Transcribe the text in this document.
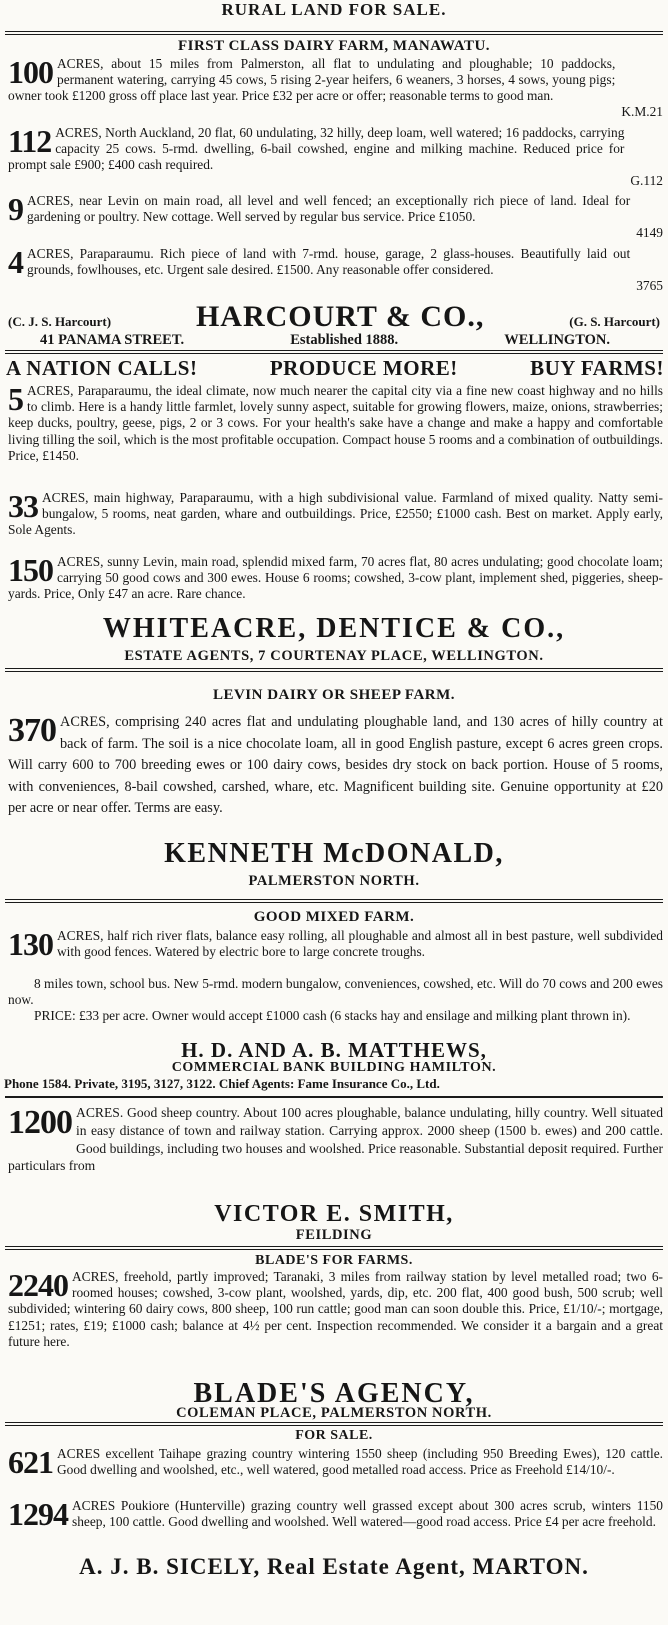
RURAL LAND FOR SALE.
FIRST CLASS DAIRY FARM, MANAWATU.
100
K.M.21
ACRES, about 15 miles from Palmerston, all flat to undulating and ploughable; 10 paddocks, permanent watering, carrying 45 cows, 5 rising 2-year heifers, 6 weaners, 3 horses, 4 sows, young pigs; owner took £1200 gross off place last year. Price £32 per acre or offer; reasonable terms to good man.
112
G.112
ACRES, North Auckland, 20 flat, 60 undulating, 32 hilly, deep loam, well watered; 16 paddocks, carrying capacity 25 cows. 5-rmd. dwelling, 6-bail cowshed, engine and milking machine. Reduced price for prompt sale £900; £400 cash required.
9
4149
ACRES, near Levin on main road, all level and well fenced; an exceptionally rich piece of land. Ideal for gardening or poultry. New cottage. Well served by regular bus service. Price £1050.
4
3765
ACRES, Paraparaumu. Rich piece of land with 7-rmd. house, garage, 2 glass-houses. Beautifully laid out grounds, fowlhouses, etc. Urgent sale desired. £1500. Any reasonable offer considered.
(C. J. S. Harcourt)	HARCOURT & CO.,	(G. S. Harcourt)
41 PANAMA STREET.	Established 1888.	WELLINGTON.
A NATION CALLS!	PRODUCE MORE!	BUY FARMS!
5 ACRES, Paraparaumu, the ideal climate, now much nearer the capital city via a fine new coast highway and no hills to climb. Here is a handy little farmlet, lovely sunny aspect, suitable for growing flowers, maize, onions, strawberries; keep ducks, poultry, geese, pigs, 2 or 3 cows. For your health's sake have a change and make a happy and comfortable living tilling the soil, which is the most profitable occupation. Compact house 5 rooms and a combination of outbuildings. Price, £1450.
33 ACRES, main highway, Paraparaumu, with a high subdivisional value. Farmland of mixed quality. Natty semi-bungalow, 5 rooms, neat garden, whare and outbuildings. Price, £2550; £1000 cash. Best on market. Apply early, Sole Agents.
150 ACRES, sunny Levin, main road, splendid mixed farm, 70 acres flat, 80 acres undulating; good chocolate loam; carrying 50 good cows and 300 ewes. House 6 rooms; cowshed, 3-cow plant, implement shed, piggeries, sheep-yards. Price, Only £47 an acre. Rare chance.
WHITEACRE, DENTICE & CO.,
ESTATE AGENTS, 7 COURTENAY PLACE, WELLINGTON.
LEVIN DAIRY OR SHEEP FARM.
370 ACRES, comprising 240 acres flat and undulating ploughable land, and 130 acres of hilly country at back of farm. The soil is a nice chocolate loam, all in good English pasture, except 6 acres green crops. Will carry 600 to 700 breeding ewes or 100 dairy cows, besides dry stock on back portion. House of 5 rooms, with conveniences, 8-bail cowshed, carshed, whare, etc. Magnificent building site. Genuine opportunity at £20 per acre or near offer. Terms are easy.
KENNETH McDONALD,
PALMERSTON NORTH.
GOOD MIXED FARM.
130 ACRES, half rich river flats, balance easy rolling, all ploughable and almost all in best pasture, well subdivided with good fences. Watered by electric bore to large concrete troughs.
8 miles town, school bus. New 5-rmd. modern bungalow, conveniences, cowshed, etc. Will do 70 cows and 200 ewes now.
PRICE: £33 per acre. Owner would accept £1000 cash (6 stacks hay and ensilage and milking plant thrown in).
H. D. AND A. B. MATTHEWS,
COMMERCIAL BANK BUILDING HAMILTON.
Phone 1584. Private, 3195, 3127, 3122. Chief Agents: Fame Insurance Co., Ltd.
1200 ACRES. Good sheep country. About 100 acres ploughable, balance undulating, hilly country. Well situated in easy distance of town and railway station. Carrying approx. 2000 sheep (1500 b. ewes) and 200 cattle. Good buildings, including two houses and woolshed. Price reasonable. Substantial deposit required. Further particulars from
VICTOR E. SMITH,
FEILDING
BLADE'S FOR FARMS.
2240 ACRES, freehold, partly improved; Taranaki, 3 miles from railway station by level metalled road; two 6-roomed houses; cowshed, 3-cow plant, woolshed, yards, dip, etc. 200 flat, 400 good bush, 500 scrub; well subdivided; wintering 60 dairy cows, 800 sheep, 100 run cattle; good man can soon double this. Price, £1/10/-; mortgage, £1251; rates, £19; £1000 cash; balance at 4½ per cent. Inspection recommended. We consider it a bargain and a great future here.
BLADE'S AGENCY,
COLEMAN PLACE, PALMERSTON NORTH.
FOR SALE.
621 ACRES excellent Taihape grazing country wintering 1550 sheep (including 950 Breeding Ewes), 120 cattle. Good dwelling and woolshed, etc., well watered, good metalled road access. Price as Freehold £14/10/-.
1294 ACRES Poukiore (Hunterville) grazing country well grassed except about 300 acres scrub, winters 1150 sheep, 100 cattle. Good dwelling and woolshed. Well watered—good road access. Price £4 per acre freehold.
A. J. B. SICELY, Real Estate Agent, MARTON.
